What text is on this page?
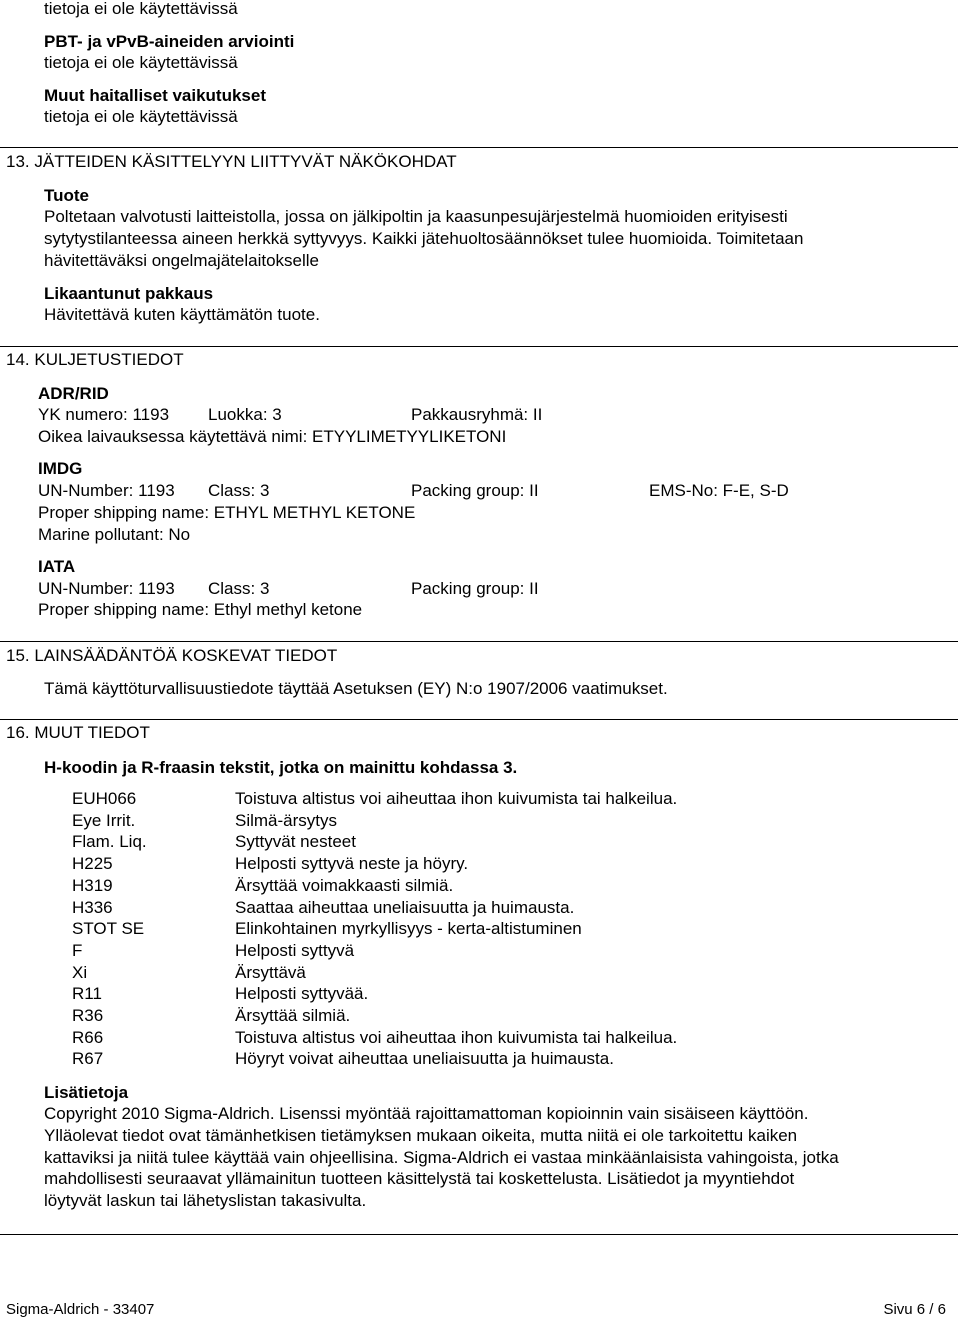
tietoja ei ole käytettävissä
PBT- ja vPvB-aineiden arviointi
tietoja ei ole käytettävissä
Muut haitalliset vaikutukset
tietoja ei ole käytettävissä
13. JÄTTEIDEN KÄSITTELYYN LIITTYVÄT NÄKÖKOHDAT
Tuote
Poltetaan valvotusti laitteistolla, jossa on jälkipoltin ja kaasunpesujärjestelmä huomioiden erityisesti
sytytystilanteessa aineen herkkä syttyvyys. Kaikki jätehuoltosäännökset tulee huomioida. Toimitetaan
hävitettäväksi ongelmajätelaitokselle
Likaantunut pakkaus
Hävitettävä kuten käyttämätön tuote.
14. KULJETUSTIEDOT
ADR/RID
YK numero: 1193 Luokka: 3	Pakkausryhmä: II
Oikea laivauksessa käytettävä nimi: ETYYLIMETYYLIKETONI
IMDG
UN-Number: 1193 Class: 3	Packing group: II	EMS-No: F-E, S-D
Proper shipping name: ETHYL METHYL KETONE
Marine pollutant: No
IATA
UN-Number: 1193 Class: 3	Packing group: II
Proper shipping name: Ethyl methyl ketone
15. LAINSÄÄDÄNTÖÄ KOSKEVAT TIEDOT
Tämä käyttöturvallisuustiedote täyttää Asetuksen (EY) N:o 1907/2006 vaatimukset.
16. MUUT TIEDOT
H-koodin ja R-fraasin tekstit, jotka on mainittu kohdassa 3.
EUH066	Toistuva altistus voi aiheuttaa ihon kuivumista tai halkeilua.
Eye Irrit.	Silmä-ärsytys
Flam. Liq.	Syttyvät nesteet
H225	Helposti syttyvä neste ja höyry.
H319	Ärsyttää voimakkaasti silmiä.
H336	Saattaa aiheuttaa uneliaisuutta ja huimausta.
STOT SE	Elinkohtainen myrkyllisyys - kerta-altistuminen
F	Helposti syttyvä
Xi	Ärsyttävä
R11	Helposti syttyvää.
R36	Ärsyttää silmiä.
R66	Toistuva altistus voi aiheuttaa ihon kuivumista tai halkeilua.
R67	Höyryt voivat aiheuttaa uneliaisuutta ja huimausta.
Lisätietoja
Copyright 2010 Sigma-Aldrich. Lisenssi myöntää rajoittamattoman kopioinnin vain sisäiseen käyttöön.
Ylläolevat tiedot ovat tämänhetkisen tietämyksen mukaan oikeita, mutta niitä ei ole tarkoitettu kaiken
kattaviksi ja niitä tulee käyttää vain ohjeellisina. Sigma-Aldrich ei vastaa minkäänlaisista vahingoista, jotka
mahdollisesti seuraavat yllämainitun tuotteen käsittelystä tai koskettelusta. Lisätiedot ja myyntiehdot
löytyvät laskun tai lähetyslistan takasivulta.
Sigma-Aldrich - 33407	Sivu 6 / 6
